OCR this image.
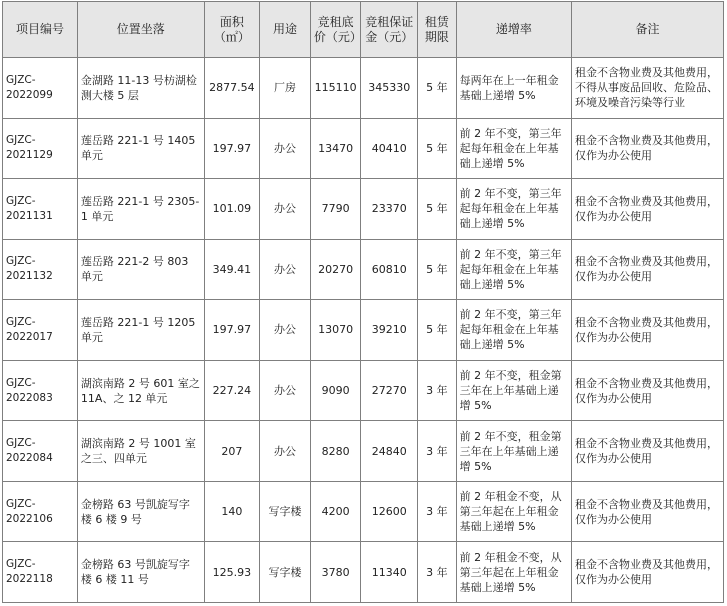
项目编号	位置坐落	面积（㎡）	用途	竞租底价（元）	竞租保证金（元）	租赁期限	递增率	备注
GJZC-2022099	金湖路 11-13 号枋湖检测大楼 5 层	2877.54	厂房	115110	345330	5 年	每两年在上一年租金基础上递增 5%	租金不含物业费及其他费用，不得从事废品回收、危险品、环境及噪音污染等行业
GJZC-2021129	莲岳路 221-1 号 1405 单元	197.97	办公	13470	40410	5 年	前 2 年不变，第三年起每年租金在上年基础上递增 5%	租金不含物业费及其他费用，仅作为办公使用
GJZC-2021131	莲岳路 221-1 号 2305-1 单元	101.09	办公	7790	23370	5 年	前 2 年不变，第三年起每年租金在上年基础上递增 5%	租金不含物业费及其他费用，仅作为办公使用
GJZC-2021132	莲岳路 221-2 号 803 单元	349.41	办公	20270	60810	5 年	前 2 年不变，第三年起每年租金在上年基础上递增 5%	租金不含物业费及其他费用，仅作为办公使用
GJZC-2022017	莲岳路 221-1 号 1205 单元	197.97	办公	13070	39210	5 年	前 2 年不变，第三年起每年租金在上年基础上递增 5%	租金不含物业费及其他费用，仅作为办公使用
GJZC-2022083	湖滨南路 2 号 601 室之 11A、之 12 单元	227.24	办公	9090	27270	3 年	前 2 年不变，租金第三年在上年基础上递增 5%	租金不含物业费及其他费用，仅作为办公使用
GJZC-2022084	湖滨南路 2 号 1001 室之三、四单元	207	办公	8280	24840	3 年	前 2 年不变，租金第三年在上年基础上递增 5%	租金不含物业费及其他费用，仅作为办公使用
GJZC-2022106	金榜路 63 号凯旋写字楼 6 楼 9 号	140	写字楼	4200	12600	3 年	前 2 年租金不变，从第三年起在上年租金基础上递增 5%	租金不含物业费及其他费用，仅作为办公使用
GJZC-2022118	金榜路 63 号凯旋写字楼 6 楼 11 号	125.93	写字楼	3780	11340	3 年	前 2 年租金不变，从第三年起在上年租金基础上递增 5%	租金不含物业费及其他费用，仅作为办公使用
